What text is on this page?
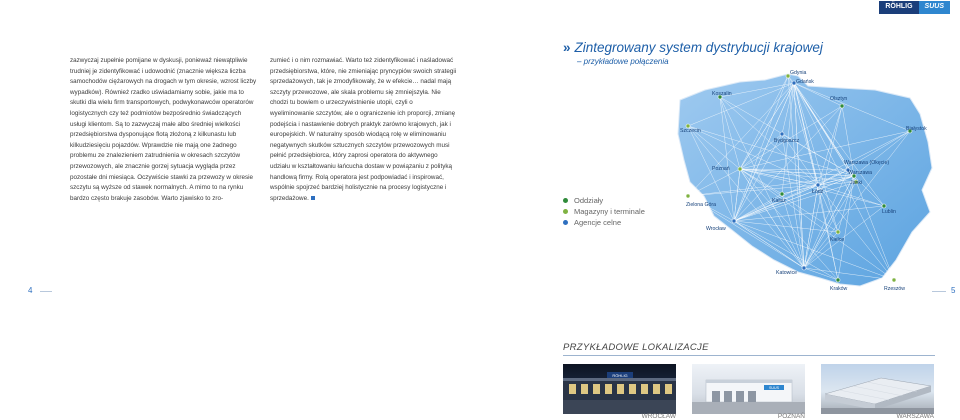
RÖHLIG	SUUS

zazwyczaj zupełnie pomijane w dyskusji, ponieważ niewątpliwie trudniej je zidentyfikować i udowodnić (znacznie większa liczba samochodów ciężarowych na drogach w tym okresie, wzrost liczby wypadków). Również rzadko uświadamiamy sobie, jakie ma to skutki dla wielu firm transportowych, podwykonawców operatorów logistycznych czy też podmiotów bezpośrednio świadczących usługi klientom. Są to zazwyczaj małe albo średniej wielkości przedsiębiorstwa dysponujące flotą złożoną z kilkunastu lub kilkudziesięciu pojazdów. Wprawdzie nie mają one żadnego problemu ze znalezieniem zatrudnienia w okresach szczytów przewozowych, ale znacznie gorzej sytuacja wygląda przez pozostałe dni miesiąca. Oczywiście stawki za przewozy w okresie szczytu są wyższe od stawek normalnych. A mimo to na rynku bardzo często brakuje zasobów. Warto zjawisko to zro-

zumieć i o nim rozmawiać. Warto też zidentyfikować i naśladować przedsiębiorstwa, które, nie zmieniając pryncypiów swoich strategii sprzedażowych, tak je zmodyfikowały, że w efekcie… nadal mają szczyty przewozowe, ale skala problemu się zmniejszyła. Nie chodzi tu bowiem o urzeczywistnienie utopii, czyli o wyeliminowanie szczytów, ale o ograniczenie ich proporcji, zmianę podejścia i nastawienie dobrych praktyk zarówno krajowych, jak i europejskich. W naturalny sposób wiodącą rolę w eliminowaniu negatywnych skutków sztucznych szczytów przewozowych musi pełnić przedsiębiorca, który zaprosi operatora do aktywnego udziału w kształtowaniu łańcucha dostaw w powiązaniu z polityką handlową firmy. Rolą operatora jest podpowiadać i inspirować, wspólnie spojrzeć bardziej holistycznie na procesy logistyczne i sprzedażowe.

4	5
» Zintegrowany system dystrybucji krajowej
– przykładowe połączenia
Oddziały
Magazyny i terminale
Agencje celne
Koszalin
Gdynia
Gdańsk
Olsztyn
Szczecin
Bydgoszcz
Białystok
Poznań
Warszawa (Okęcie)
Warszawa
Janki
Łódź
Kalisz
Zielona Góra
Wrocław
Lublin
Kielce
Katowice
Kraków	Rzeszów
PRZYKŁADOWE LOKALIZACJE
RÖHLIG
SUUS
WROCŁAW	POZNAŃ	WARSZAWA
